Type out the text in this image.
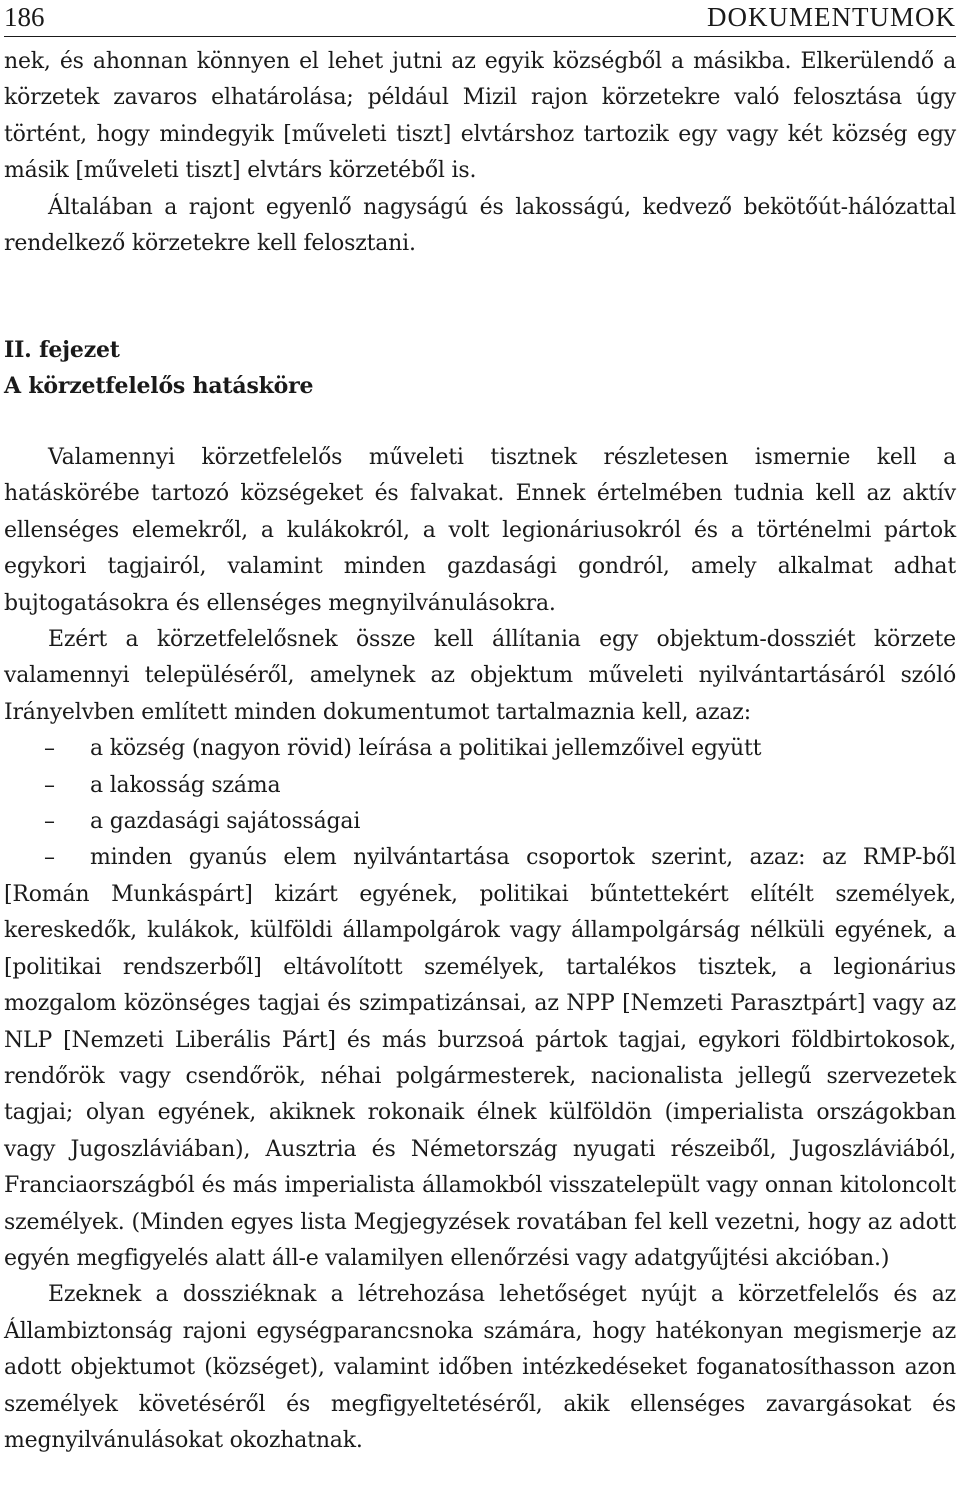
186	DOKUMENTUMOK

nek, és ahonnan könnyen el lehet jutni az egyik községből a másikba. Elkerülendő a körzetek zavaros elhatárolása; például Mizil rajon körzetekre való felosztása úgy történt, hogy mindegyik [műveleti tiszt] elvtárshoz tartozik egy vagy két község egy másik [műveleti tiszt] elvtárs körzetéből is.

Általában a rajont egyenlő nagyságú és lakosságú, kedvező bekötőút-hálózattal rendelkező körzetekre kell felosztani.

II. fejezet

A körzetfelelős hatásköre

Valamennyi körzetfelelős műveleti tisztnek részletesen ismernie kell a hatáskörébe tartozó községeket és falvakat. Ennek értelmében tudnia kell az aktív ellenséges elemekről, a kulákokról, a volt legionáriusokról és a történelmi pártok egykori tagjairól, valamint minden gazdasági gondról, amely alkalmat adhat bujtogatásokra és ellenséges megnyilvánulásokra.

Ezért a körzetfelelősnek össze kell állítania egy objektum-dossziét körzete valamennyi településéről, amelynek az objektum műveleti nyilvántartásáról szóló Irányelvben említett minden dokumentumot tartalmaznia kell, azaz:

– a község (nagyon rövid) leírása a politikai jellemzőivel együtt
– a lakosság száma
– a gazdasági sajátosságai
– minden gyanús elem nyilvántartása csoportok szerint, azaz: az RMP-ből [Román Munkáspárt] kizárt egyének, politikai bűntettekért elítélt személyek, kereskedők, kulákok, külföldi állampolgárok vagy állampolgárság nélküli egyének, a [politikai rendszerből] eltávolított személyek, tartalékos tisztek, a legionárius mozgalom közönséges tagjai és szimpatizánsai, az NPP [Nemzeti Parasztpárt] vagy az NLP [Nemzeti Liberális Párt] és más burzsoá pártok tagjai, egykori földbirtokosok, rendőrök vagy csendőrök, néhai polgármesterek, nacionalista jellegű szervezetek tagjai; olyan egyének, akiknek rokonaik élnek külföldön (imperialista országokban vagy Jugoszláviában), Ausztria és Németország nyugati részeiből, Jugoszláviából, Franciaországból és más imperialista államokból visszatelepült vagy onnan kitoloncolt személyek. (Minden egyes lista Megjegyzések rovatában fel kell vezetni, hogy az adott egyén megfigyelés alatt áll-e valamilyen ellenőrzési vagy adatgyűjtési akcióban.)

Ezeknek a dossziéknak a létrehozása lehetőséget nyújt a körzetfelelős és az Állambiztonság rajoni egységparancsnoka számára, hogy hatékonyan megismerje az adott objektumot (községet), valamint időben intézkedéseket foganatosíthasson azon személyek követéséről és megfigyeltetéséről, akik ellenséges zavargásokat és megnyilvánulásokat okozhatnak.
